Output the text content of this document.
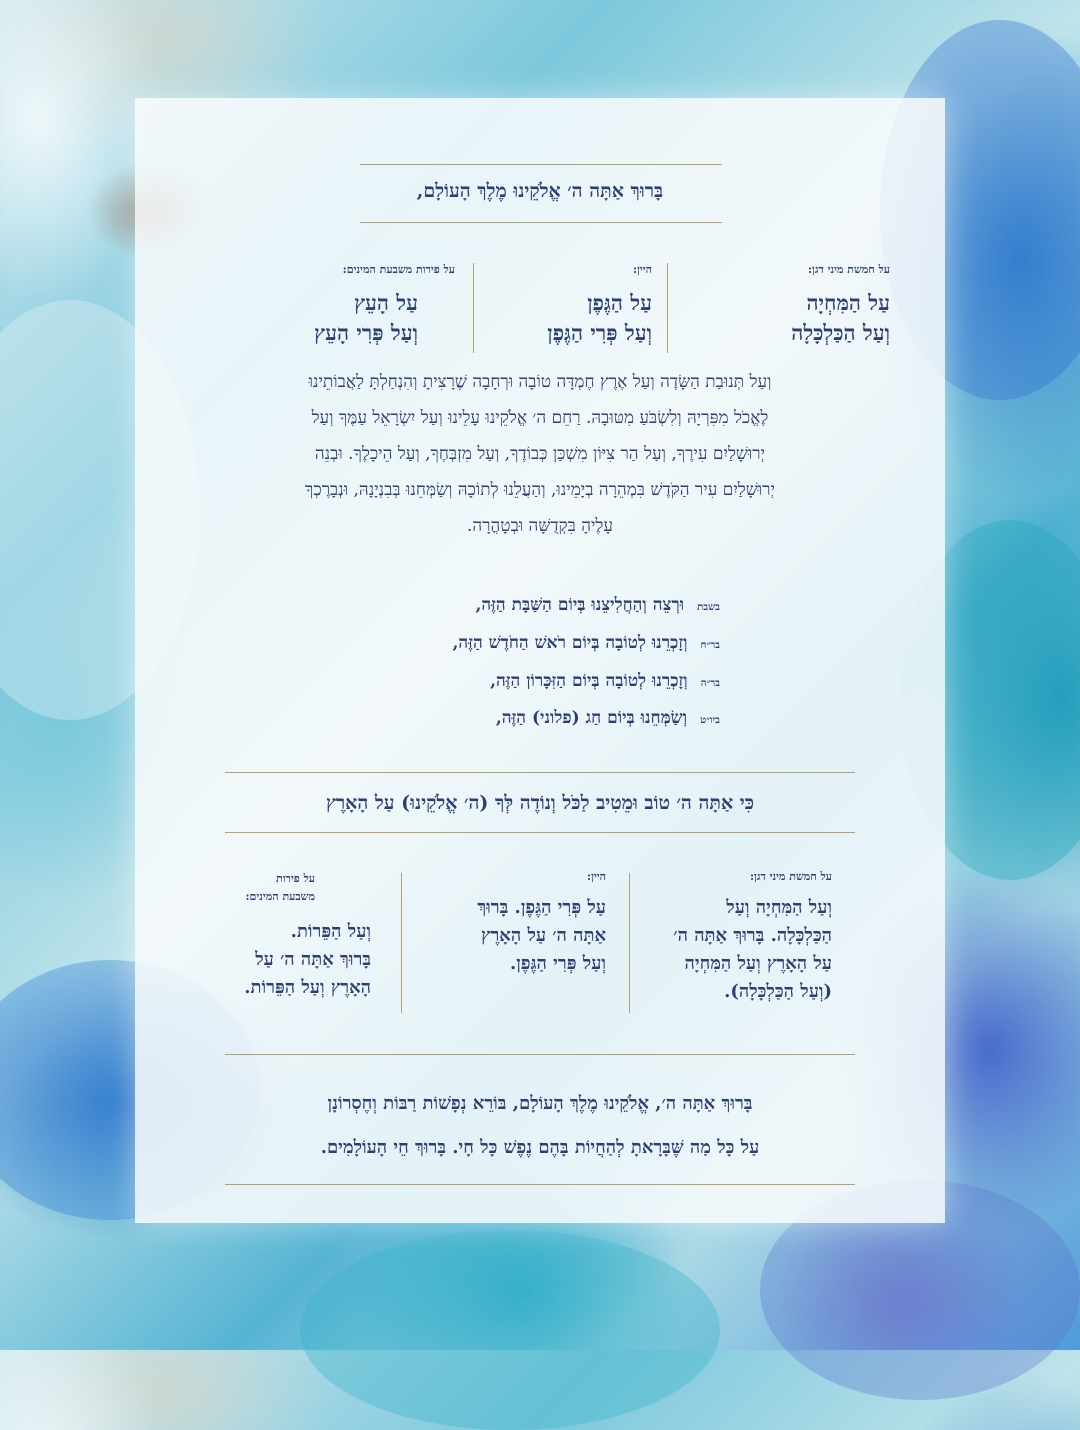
בָּרוּךְ אַתָּה ה׳ אֱלֹקֵינוּ מֶלֶךְ הָעוֹלָם,
על חמשת מיני דגן:
עַל הַמִּחְיָה
וְעַל הַכַּלְכָּלָה
היין:
עַל הַגֶּפֶן
וְעַל פְּרִי הַגֶּפֶן
על פירות משבעת המינים:
עַל הָעֵץ
וְעַל פְּרִי הָעֵץ
וְעַל תְּנוּבַת הַשָּׂדֶה וְעַל אֶרֶץ חֶמְדָּה טוֹבָה וּרְחָבָה שֶׁרָצִיתָ וְהִנְחַלְתָּ לַאֲבוֹתֵינוּ
לֶאֱכֹל מִפִּרְיָהּ וְלִשְׂבֹּעַ מִטּוּבָהּ. רַחֵם ה׳ אֱלֹקֵינוּ עָלֵינוּ וְעַל יִשְׂרָאֵל עַמֶּךָ וְעַל
יְרוּשָׁלַיִם עִירֶךָ, וְעַל הַר צִיּוֹן מִשְׁכַּן כְּבוֹדֶךָ, וְעַל מִזְבְּחֶךָ, וְעַל הֵיכָלֶךָ. וּבְנֵה
יְרוּשָׁלַיִם עִיר הַקֹּדֶשׁ בִּמְהֵרָה בְיָמֵינוּ, וְהַעֲלֵנוּ לְתוֹכָהּ וְשַׂמְּחֵנוּ בְּבִנְיָנָהּ, וּנְבָרֶכְךָ
עָלֶיהָ בִּקְדֻשָּׁה וּבְטָהֳרָה.
בשבת וּרְצֵה וְהַחֲלִיצֵנוּ בְּיוֹם הַשַּׁבָּת הַזֶּה,
בר״ח וְזָכְרֵנוּ לְטוֹבָה בְּיוֹם רֹאשׁ הַחֹדֶשׁ הַזֶּה,
בר״ה וְזָכְרֵנוּ לְטוֹבָה בְּיוֹם הַזִּכָּרוֹן הַזֶּה,
ביו״ט וְשַׂמְּחֵנוּ בְּיוֹם חַג (פלוני) הַזֶּה,
כִּי אַתָּה ה׳ טוֹב וּמֵטִיב לַכֹּל וְנוֹדֶה לְּךָ (ה׳ אֱלֹקֵינוּ) עַל הָאָרֶץ
על חמשת מיני דגן:
וְעַל הַמִּחְיָה וְעַל
הַכַּלְכָּלָה. בָּרוּךְ אַתָּה ה׳
עַל הָאָרֶץ וְעַל הַמִּחְיָה
(וְעַל הַכַּלְכָּלָה).
היין:
עַל פְּרִי הַגֶּפֶן. בָּרוּךְ
אַתָּה ה׳ עַל הָאָרֶץ
וְעַל פְּרִי הַגֶּפֶן.
על פירות
משבעת המינים:
וְעַל הַפֵּרוֹת.
בָּרוּךְ אַתָּה ה׳ עַל
הָאָרֶץ וְעַל הַפֵּרוֹת.
בָּרוּךְ אַתָּה ה׳, אֱלֹקֵינוּ מֶלֶךְ הָעוֹלָם, בּוֹרֵא נְפָשׁוֹת רַבּוֹת וְחֶסְרוֹנָן
עַל כָּל מַה שֶּׁבָּרָאתָ לְהַחֲיוֹת בָּהֶם נֶפֶשׁ כָּל חָי. בָּרוּךְ חֵי הָעוֹלָמִים.
